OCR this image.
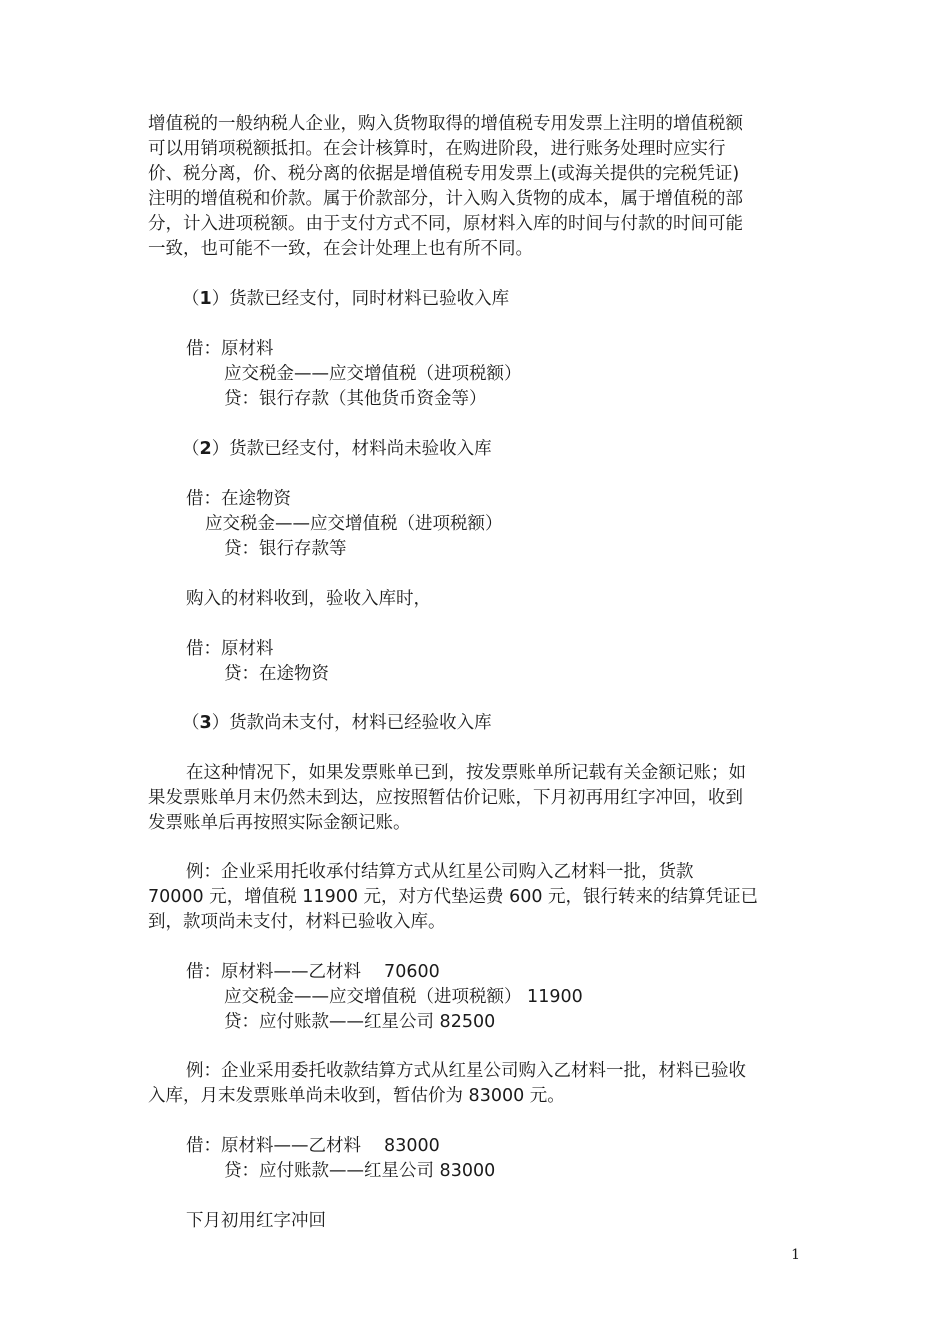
增值税的一般纳税人企业，购入货物取得的增值税专用发票上注明的增值税额
可以用销项税额抵扣。在会计核算时，在购进阶段，进行账务处理时应实行
价、税分离，价、税分离的依据是增值税专用发票上(或海关提供的完税凭证)
注明的增值税和价款。属于价款部分，计入购入货物的成本，属于增值税的部
分，计入进项税额。由于支付方式不同，原材料入库的时间与付款的时间可能
一致，也可能不一致，在会计处理上也有所不同。
（1）货款已经支付，同时材料已验收入库
借：原材料
应交税金——应交增值税（进项税额）
贷：银行存款（其他货币资金等）
（2）货款已经支付，材料尚未验收入库
借：在途物资
应交税金——应交增值税（进项税额）
贷：银行存款等
购入的材料收到，验收入库时，
借：原材料
贷：在途物资
（3）货款尚未支付，材料已经验收入库
在这种情况下，如果发票账单已到，按发票账单所记载有关金额记账；如
果发票账单月末仍然未到达，应按照暂估价记账，下月初再用红字冲回，收到
发票账单后再按照实际金额记账。
例：企业采用托收承付结算方式从红星公司购入乙材料一批，货款
70000 元，增值税 11900 元，对方代垫运费 600 元，银行转来的结算凭证已
到，款项尚未支付，材料已验收入库。
借：原材料——乙材料　 70600
应交税金——应交增值税（进项税额） 11900
贷：应付账款——红星公司 82500
例：企业采用委托收款结算方式从红星公司购入乙材料一批，材料已验收
入库，月末发票账单尚未收到，暂估价为 83000 元。
借：原材料——乙材料　 83000
贷：应付账款——红星公司 83000
下月初用红字冲回
1
